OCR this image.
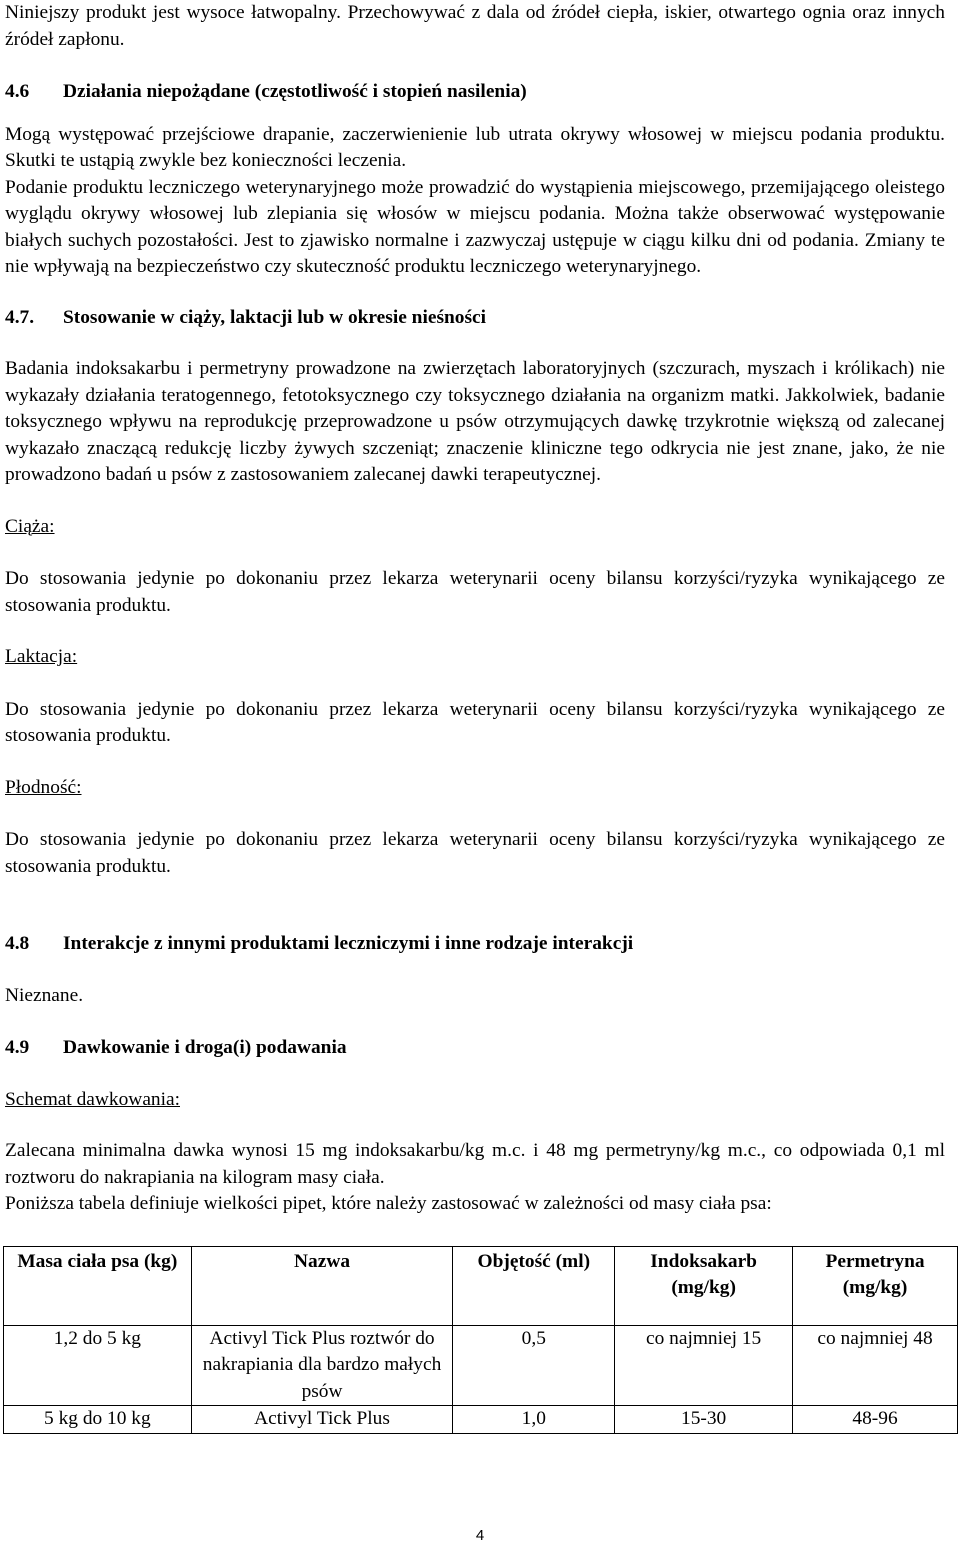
Niniejszy produkt jest wysoce łatwopalny. Przechowywać z dala od źródeł ciepła, iskier, otwartego ognia oraz innych źródeł zapłonu.

4.6 Działania niepożądane (częstotliwość i stopień nasilenia)

Mogą występować przejściowe drapanie, zaczerwienienie lub utrata okrywy włosowej w miejscu podania produktu. Skutki te ustąpią zwykle bez konieczności leczenia.

Podanie produktu leczniczego weterynaryjnego może prowadzić do wystąpienia miejscowego, przemijającego oleistego wyglądu okrywy włosowej lub zlepiania się włosów w miejscu podania. Można także obserwować występowanie białych suchych pozostałości. Jest to zjawisko normalne i zazwyczaj ustępuje w ciągu kilku dni od podania. Zmiany te nie wpływają na bezpieczeństwo czy skuteczność produktu leczniczego weterynaryjnego.

4.7. Stosowanie w ciąży, laktacji lub w okresie nieśności

Badania indoksakarbu i permetryny prowadzone na zwierzętach laboratoryjnych (szczurach, myszach i królikach) nie wykazały działania teratogennego, fetotoksycznego czy toksycznego działania na organizm matki. Jakkolwiek, badanie toksycznego wpływu na reprodukcję przeprowadzone u psów otrzymujących dawkę trzykrotnie większą od zalecanej wykazało znaczącą redukcję liczby żywych szczeniąt; znaczenie kliniczne tego odkrycia nie jest znane, jako, że nie prowadzono badań u psów z zastosowaniem zalecanej dawki terapeutycznej.

Ciąża:

Do stosowania jedynie po dokonaniu przez lekarza weterynarii oceny bilansu korzyści/ryzyka wynikającego ze stosowania produktu.

Laktacja:

Do stosowania jedynie po dokonaniu przez lekarza weterynarii oceny bilansu korzyści/ryzyka wynikającego ze stosowania produktu.

Płodność:

Do stosowania jedynie po dokonaniu przez lekarza weterynarii oceny bilansu korzyści/ryzyka wynikającego ze stosowania produktu.

4.8 Interakcje z innymi produktami leczniczymi i inne rodzaje interakcji

Nieznane.

4.9 Dawkowanie i droga(i) podawania

Schemat dawkowania:

Zalecana minimalna dawka wynosi 15 mg indoksakarbu/kg m.c. i 48 mg permetryny/kg m.c., co odpowiada 0,1 ml roztworu do nakrapiania na kilogram masy ciała.

Poniższa tabela definiuje wielkości pipet, które należy zastosować w zależności od masy ciała psa:

Masa ciała psa (kg)	Nazwa	Objętość (ml)	Indoksakarb (mg/kg)	Permetryna (mg/kg)
1,2 do 5 kg	Activyl Tick Plus roztwór do nakrapiania dla bardzo małych psów	0,5	co najmniej 15	co najmniej 48
5 kg do 10 kg	Activyl Tick Plus	1,0	15-30	48-96
4
